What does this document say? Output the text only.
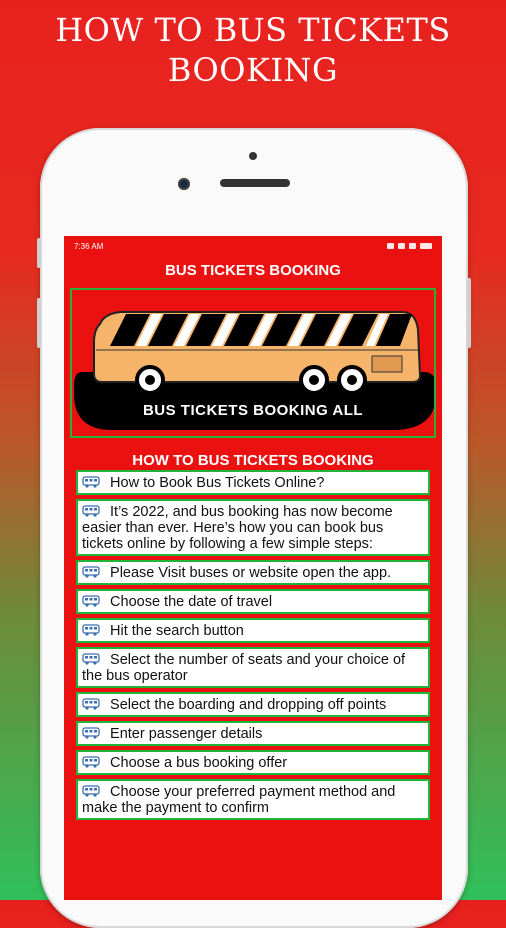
HOW TO BUS TICKETS
BOOKING
7:36 AM
BUS TICKETS BOOKING
BUS TICKETS BOOKING ALL
HOW TO BUS TICKETS BOOKING
How to Book Bus Tickets Online?
It’s 2022, and bus booking has now become easier than ever. Here’s how you can book bus tickets online by following a few simple steps:
Please Visit buses or website open the app.
Choose the date of travel
Hit the search button
Select the number of seats and your choice of the bus operator
Select the boarding and dropping off points
Enter passenger details
Choose a bus booking offer
Choose your preferred payment method and make the payment to confirm
